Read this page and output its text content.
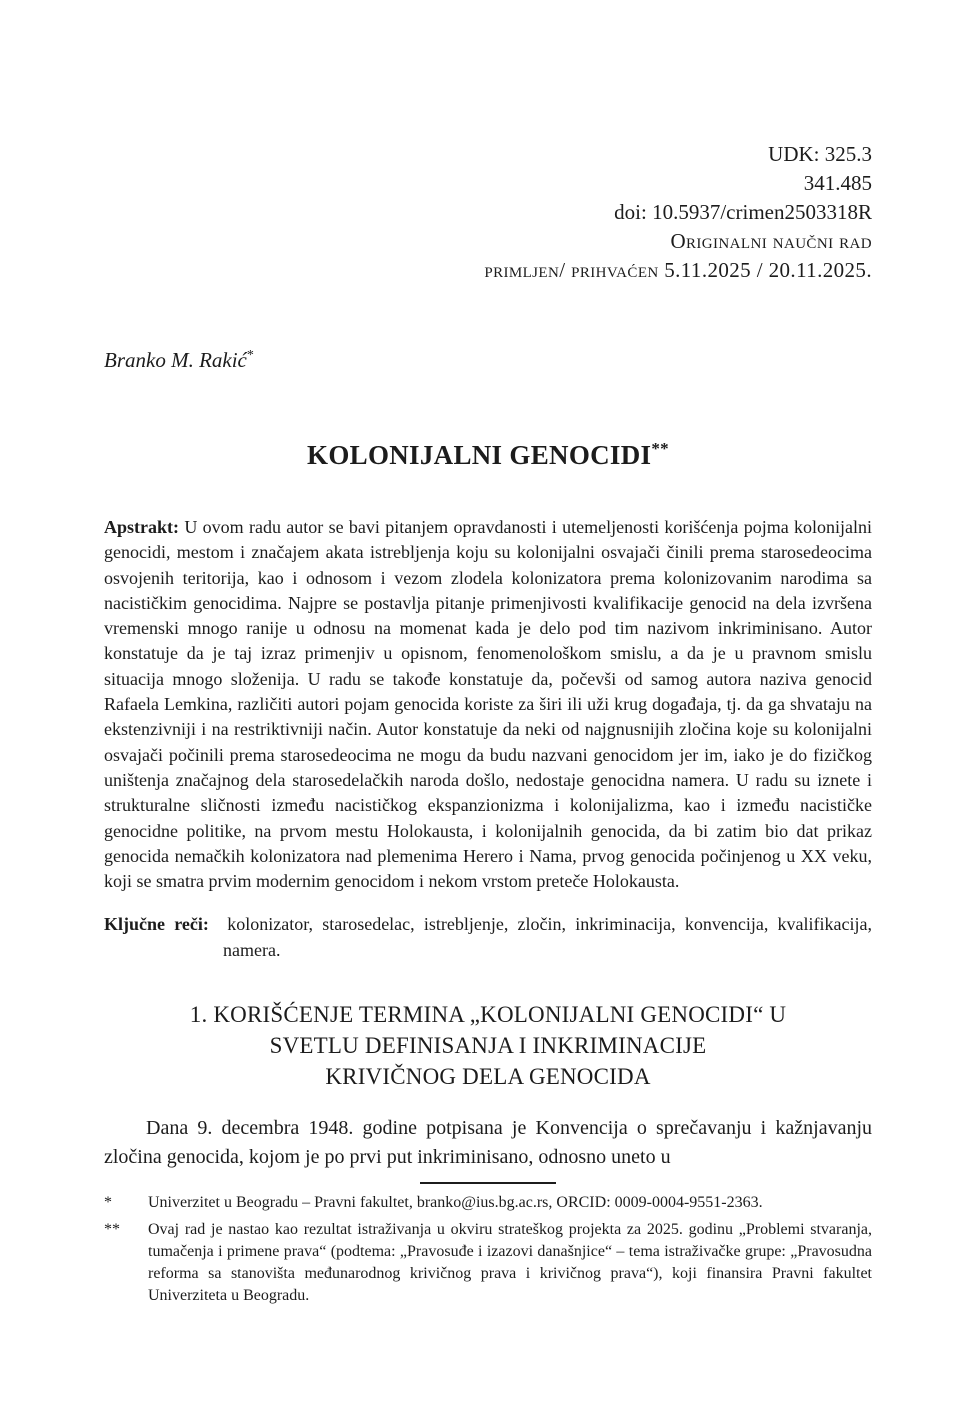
UDK: 325.3
341.485
doi: 10.5937/crimen2503318R
Originalni naučni rad
primljen/ prihvaćen 5.11.2025 / 20.11.2025.
Branko M. Rakić*
KOLONIJALNI GENOCIDI**

Apstrakt: U ovom radu autor se bavi pitanjem opravdanosti i utemeljenosti korišćenja pojma kolonijalni genocidi, mestom i značajem akata istrebljenja koju su kolonijalni osvajači činili prema starosedeocima osvojenih teritorija, kao i odnosom i vezom zlodela kolonizatora prema kolonizovanim narodima sa nacističkim genocidima. Najpre se postavlja pitanje primenjivosti kvalifikacije genocid na dela izvršena vremenski mnogo ranije u odnosu na momenat kada je delo pod tim nazivom inkriminisano. Autor konstatuje da je taj izraz primenjiv u opisnom, fenomenološkom smislu, a da je u pravnom smislu situacija mnogo složenija. U radu se takođe konstatuje da, počevši od samog autora naziva genocid Rafaela Lemkina, različiti autori pojam genocida koriste za širi ili uži krug događaja, tj. da ga shvataju na ekstenzivniji i na restriktivniji način. Autor konstatuje da neki od najgnusnijih zločina koje su kolonijalni osvajači počinili prema starosedeocima ne mogu da budu nazvani genocidom jer im, iako je do fizičkog uništenja značajnog dela starosedelačkih naroda došlo, nedostaje genocidna namera. U radu su iznete i strukturalne sličnosti između nacističkog ekspanzionizma i kolonijalizma, kao i između nacističke genocidne politike, na prvom mestu Holokausta, i kolonijalnih genocida, da bi zatim bio dat prikaz genocida nemačkih kolonizatora nad plemenima Herero i Nama, prvog genocida počinjenog u XX veku, koji se smatra prvim modernim genocidom i nekom vrstom preteče Holokausta.

Ključne reči: kolonizator, starosedelac, istrebljenje, zločin, inkriminacija, konvencija, kvalifikacija, namera.

1. KORIŠĆENJE TERMINA „KOLONIJALNI GENOCIDI“ U
SVETLU DEFINISANJA I INKRIMINACIJE
KRIVIČNOG DELA GENOCIDA

Dana 9. decembra 1948. godine potpisana je Konvencija o sprečavanju i kažnjavanju zločina genocida, kojom je po prvi put inkriminisano, odnosno uneto u

* Univerzitet u Beogradu – Pravni fakultet, branko@ius.bg.ac.rs, ORCID: 0009-0004-9551-2363.
** Ovaj rad je nastao kao rezultat istraživanja u okviru strateškog projekta za 2025. godinu „Problemi stvaranja, tumačenja i primene prava“ (podtema: „Pravosuđe i izazovi današnjice“ – tema istraživačke grupe: „Pravosudna reforma sa stanovišta međunarodnog krivičnog prava i krivičnog prava“), koji finansira Pravni fakultet Univerziteta u Beogradu.
